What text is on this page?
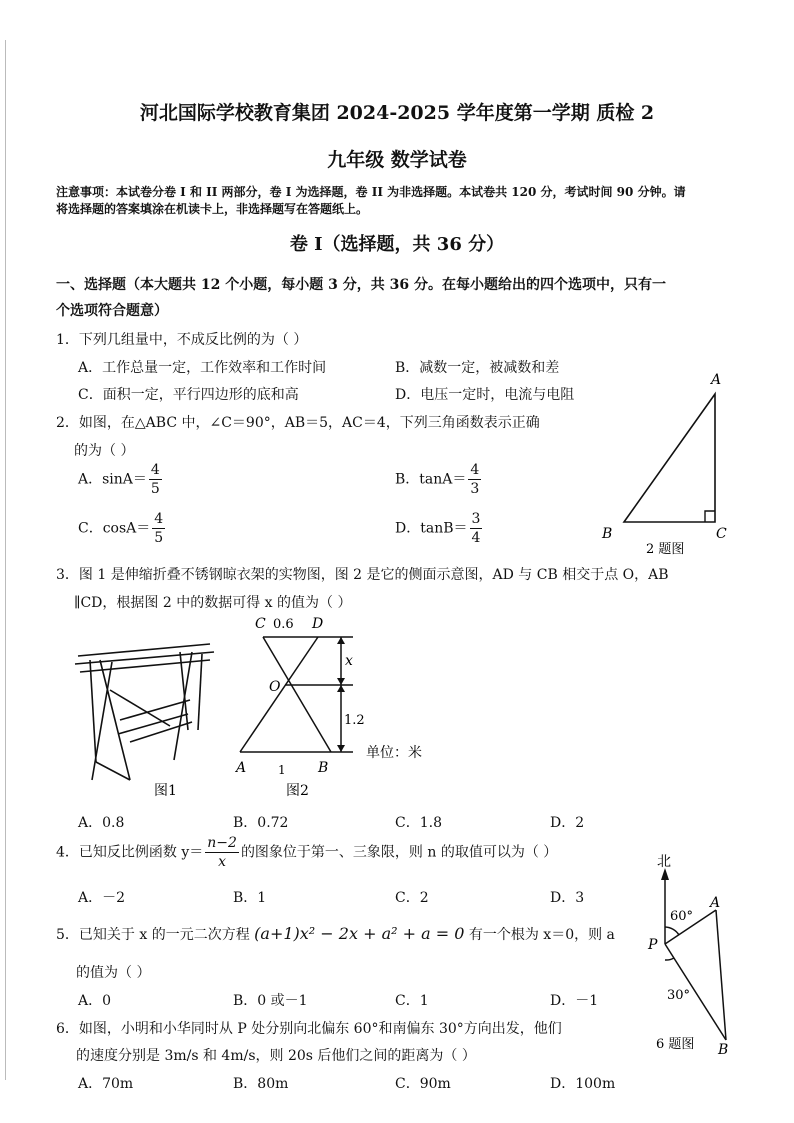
河北国际学校教育集团 2024-2025 学年度第一学期 质检 2
九年级 数学试卷
注意事项：本试卷分卷 I 和 II 两部分，卷 I 为选择题，卷 II 为非选择题。本试卷共 120 分，考试时间 90 分钟。请
将选择题的答案填涂在机读卡上，非选择题写在答题纸上。
卷 I（选择题，共 36 分）
一、选择题（本大题共 12 个小题，每小题 3 分，共 36 分。在每小题给出的四个选项中，只有一
个选项符合题意）
1．下列几组量中，不成反比例的为（ ）
A．工作总量一定，工作效率和工作时间	B．减数一定，被减数和差
C．面积一定，平行四边形的底和高	D．电压一定时，电流与电阻
2．如图，在△ABC 中，∠C＝90°，AB＝5，AC＝4，下列三角函数表示正确
的为（ ）
A．$\sin A= \frac{4}{5}$	B．$\tan A= \frac{4}{3}$
C．$\cos A= \frac{4}{5}$	D．$\tan B= \frac{3}{4}$
A
B	C
2 题图
3．图 1 是伸缩折叠不锈钢晾衣架的实物图，图 2 是它的侧面示意图，AD 与 CB 相交于点 O，AB
∥CD，根据图 2 中的数据可得 x 的值为（ ）
图1
C 0.6 D
x
O
1.2
A	1 B
单位：米
图2
A．0.8	B．0.72	C．1.8	D．2
4．已知反比例函数 $y= \frac{n-2}{x}$ 的图象位于第一、三象限，则 n 的取值可以为（ ）
A．－2	B．1	C．2	D．3
5．已知关于 x 的一元二次方程 (a+1)x² − 2x + a² + a = 0 有一个根为 x＝0，则 a
的值为（ ）
A．0	B．0 或－1	C．1	D．－1
6．如图，小明和小华同时从 P 处分别向北偏东 60°和南偏东 30°方向出发，他们
的速度分别是 3m/s 和 4m/s，则 20s 后他们之间的距离为（ ）
A．70m	B．80m	C．90m	D．100m
北
60°
A
P
30°
6 题图 B
